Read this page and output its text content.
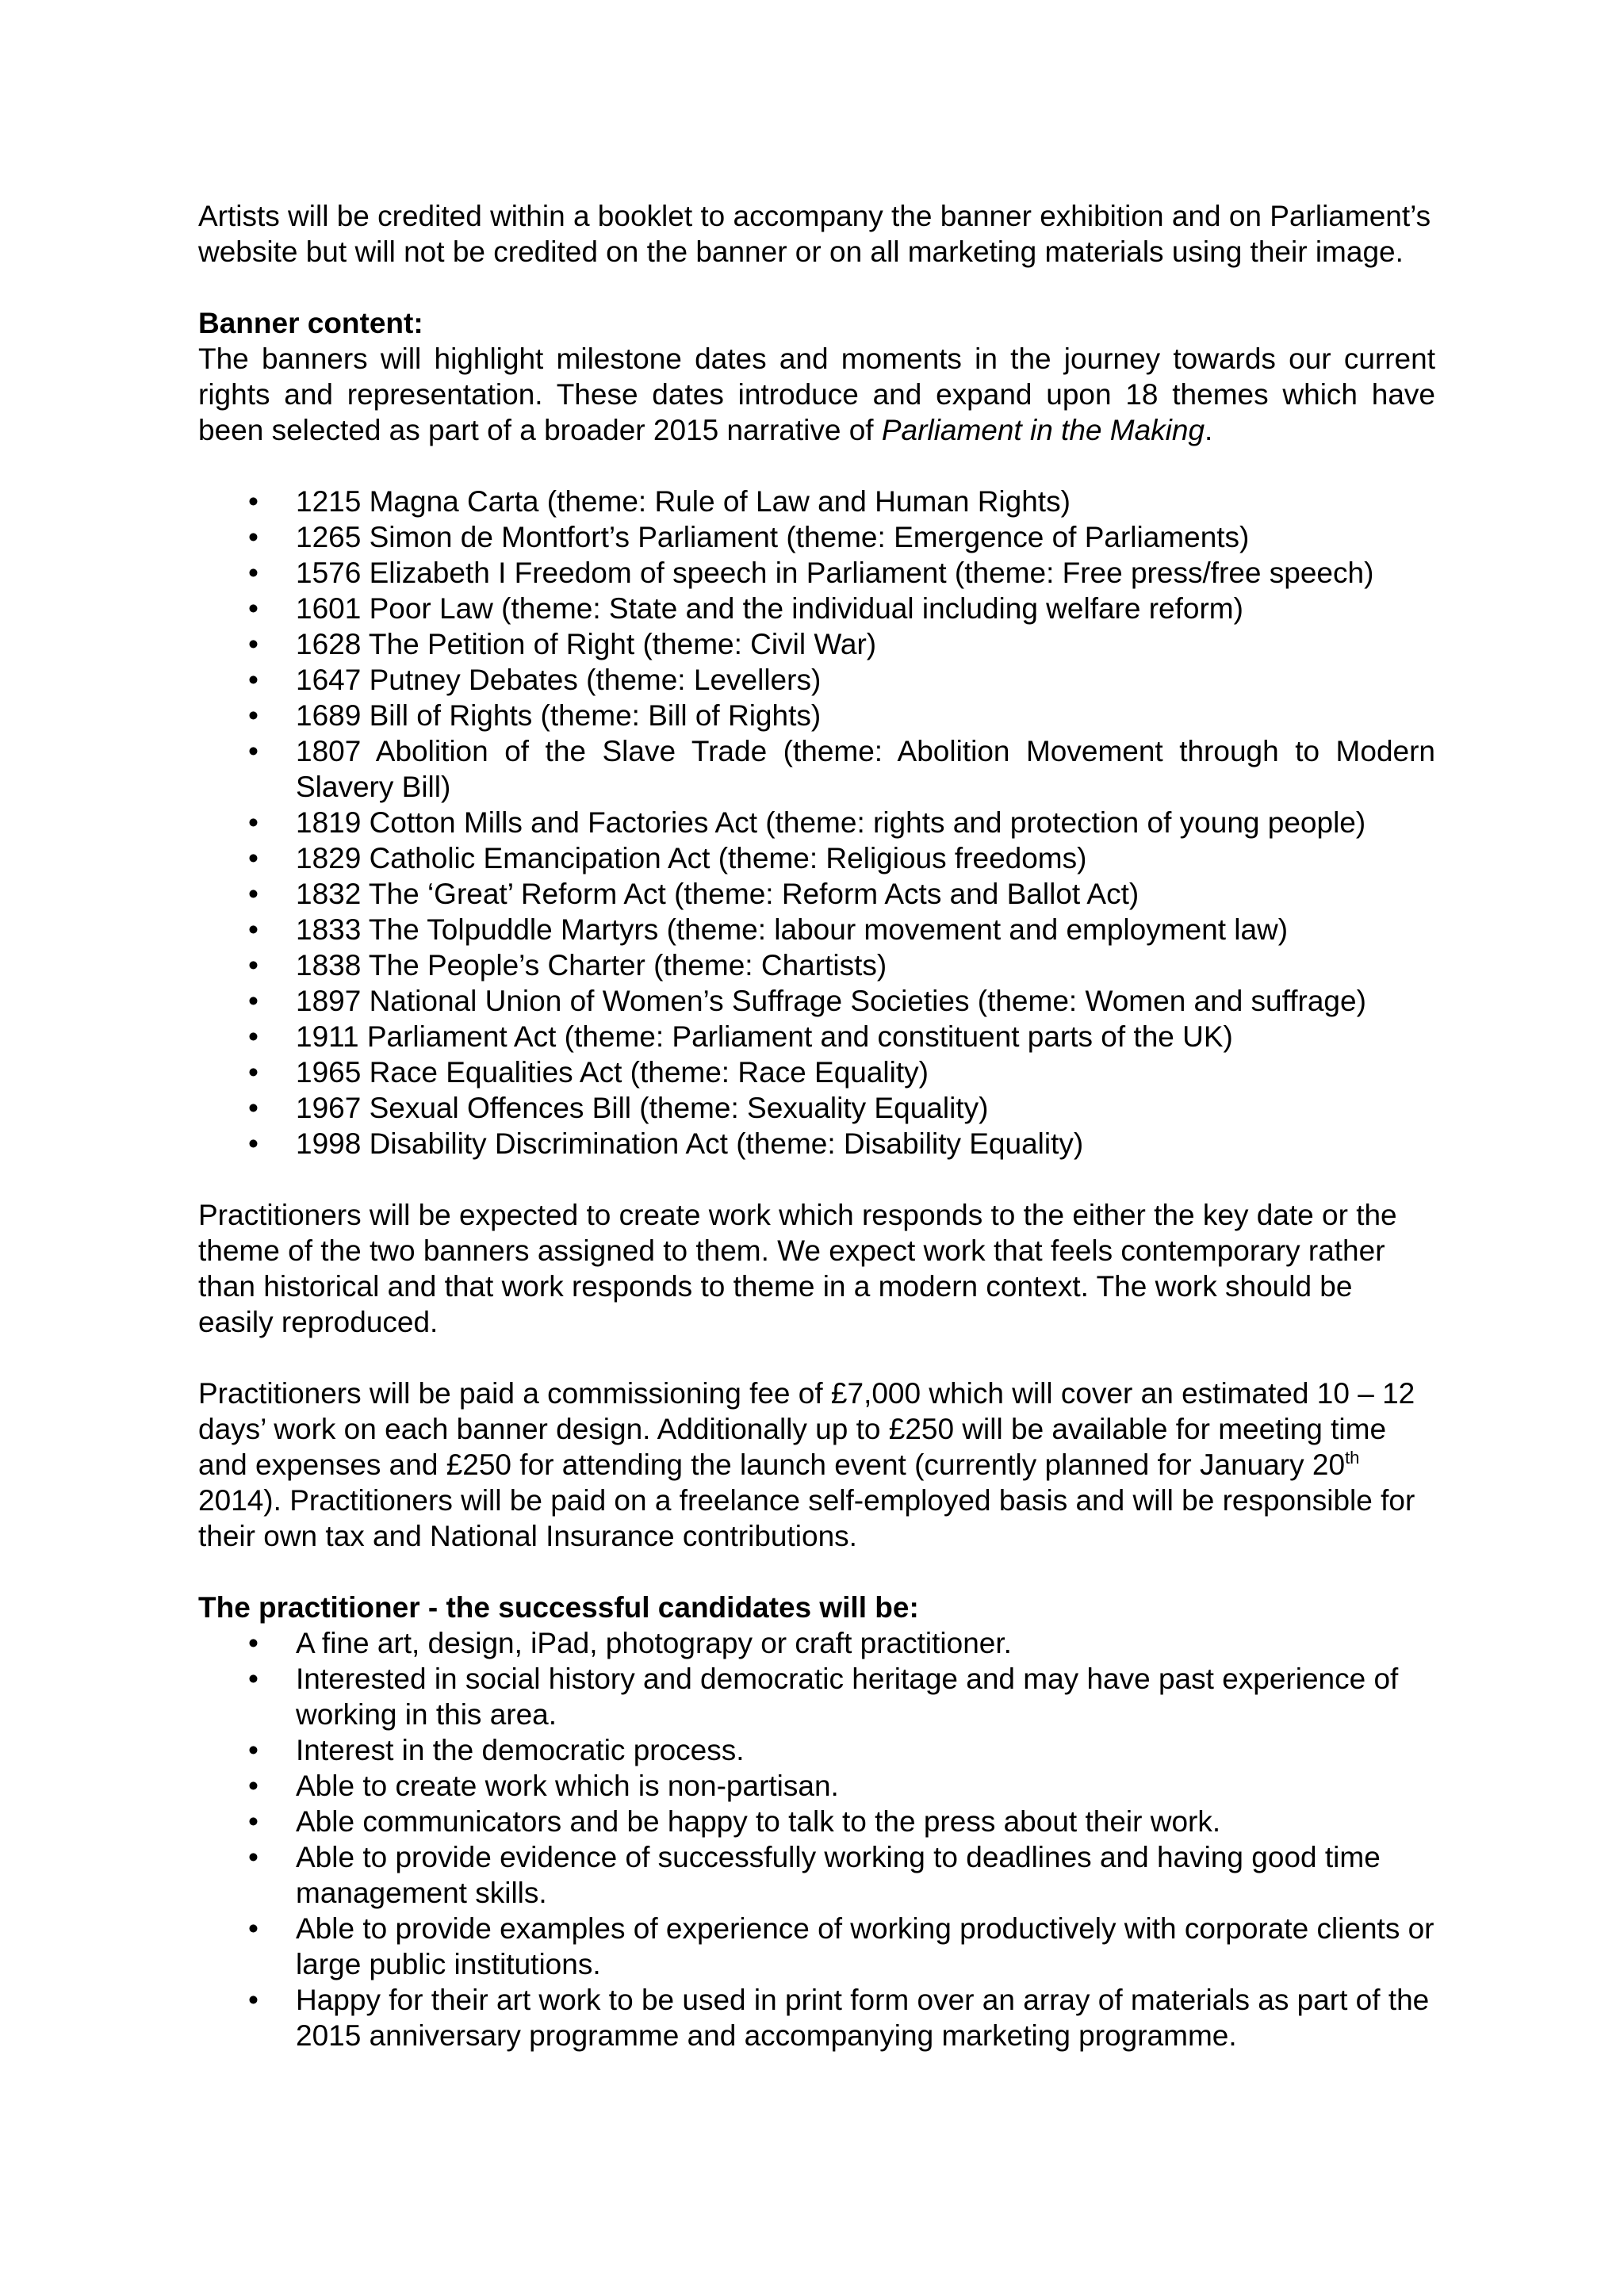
Artists will be credited within a booklet to accompany the banner exhibition and on Parliament’s website but will not be credited on the banner or on all marketing materials using their image.

Banner content:

The banners will highlight milestone dates and moments in the journey towards our current rights and representation. These dates introduce and expand upon 18 themes which have been selected as part of a broader 2015 narrative of Parliament in the Making.

• 1215 Magna Carta (theme: Rule of Law and Human Rights)
• 1265 Simon de Montfort’s Parliament (theme: Emergence of Parliaments)
• 1576 Elizabeth I Freedom of speech in Parliament (theme: Free press/free speech)
• 1601 Poor Law (theme: State and the individual including welfare reform)
• 1628 The Petition of Right (theme: Civil War)
• 1647 Putney Debates (theme: Levellers)
• 1689 Bill of Rights (theme: Bill of Rights)
• 1807 Abolition of the Slave Trade (theme: Abolition Movement through to Modern Slavery Bill)
• 1819 Cotton Mills and Factories Act (theme: rights and protection of young people)
• 1829 Catholic Emancipation Act (theme: Religious freedoms)
• 1832 The ‘Great’ Reform Act (theme: Reform Acts and Ballot Act)
• 1833 The Tolpuddle Martyrs (theme: labour movement and employment law)
• 1838 The People’s Charter (theme: Chartists)
• 1897 National Union of Women’s Suffrage Societies (theme: Women and suffrage)
• 1911 Parliament Act (theme: Parliament and constituent parts of the UK)
• 1965 Race Equalities Act (theme: Race Equality)
• 1967 Sexual Offences Bill (theme: Sexuality Equality)
• 1998 Disability Discrimination Act (theme: Disability Equality)

Practitioners will be expected to create work which responds to the either the key date or the theme of the two banners assigned to them. We expect work that feels contemporary rather than historical and that work responds to theme in a modern context. The work should be easily reproduced.

Practitioners will be paid a commissioning fee of £7,000 which will cover an estimated 10 – 12 days’ work on each banner design. Additionally up to £250 will be available for meeting time and expenses and £250 for attending the launch event (currently planned for January 20th 2014). Practitioners will be paid on a freelance self-employed basis and will be responsible for their own tax and National Insurance contributions.

The practitioner - the successful candidates will be:

• A fine art, design, iPad, photograpy or craft practitioner.
• Interested in social history and democratic heritage and may have past experience of working in this area.
• Interest in the democratic process.
• Able to create work which is non-partisan.
• Able communicators and be happy to talk to the press about their work.
• Able to provide evidence of successfully working to deadlines and having good time management skills.
• Able to provide examples of experience of working productively with corporate clients or large public institutions.
• Happy for their art work to be used in print form over an array of materials as part of the 2015 anniversary programme and accompanying marketing programme.
